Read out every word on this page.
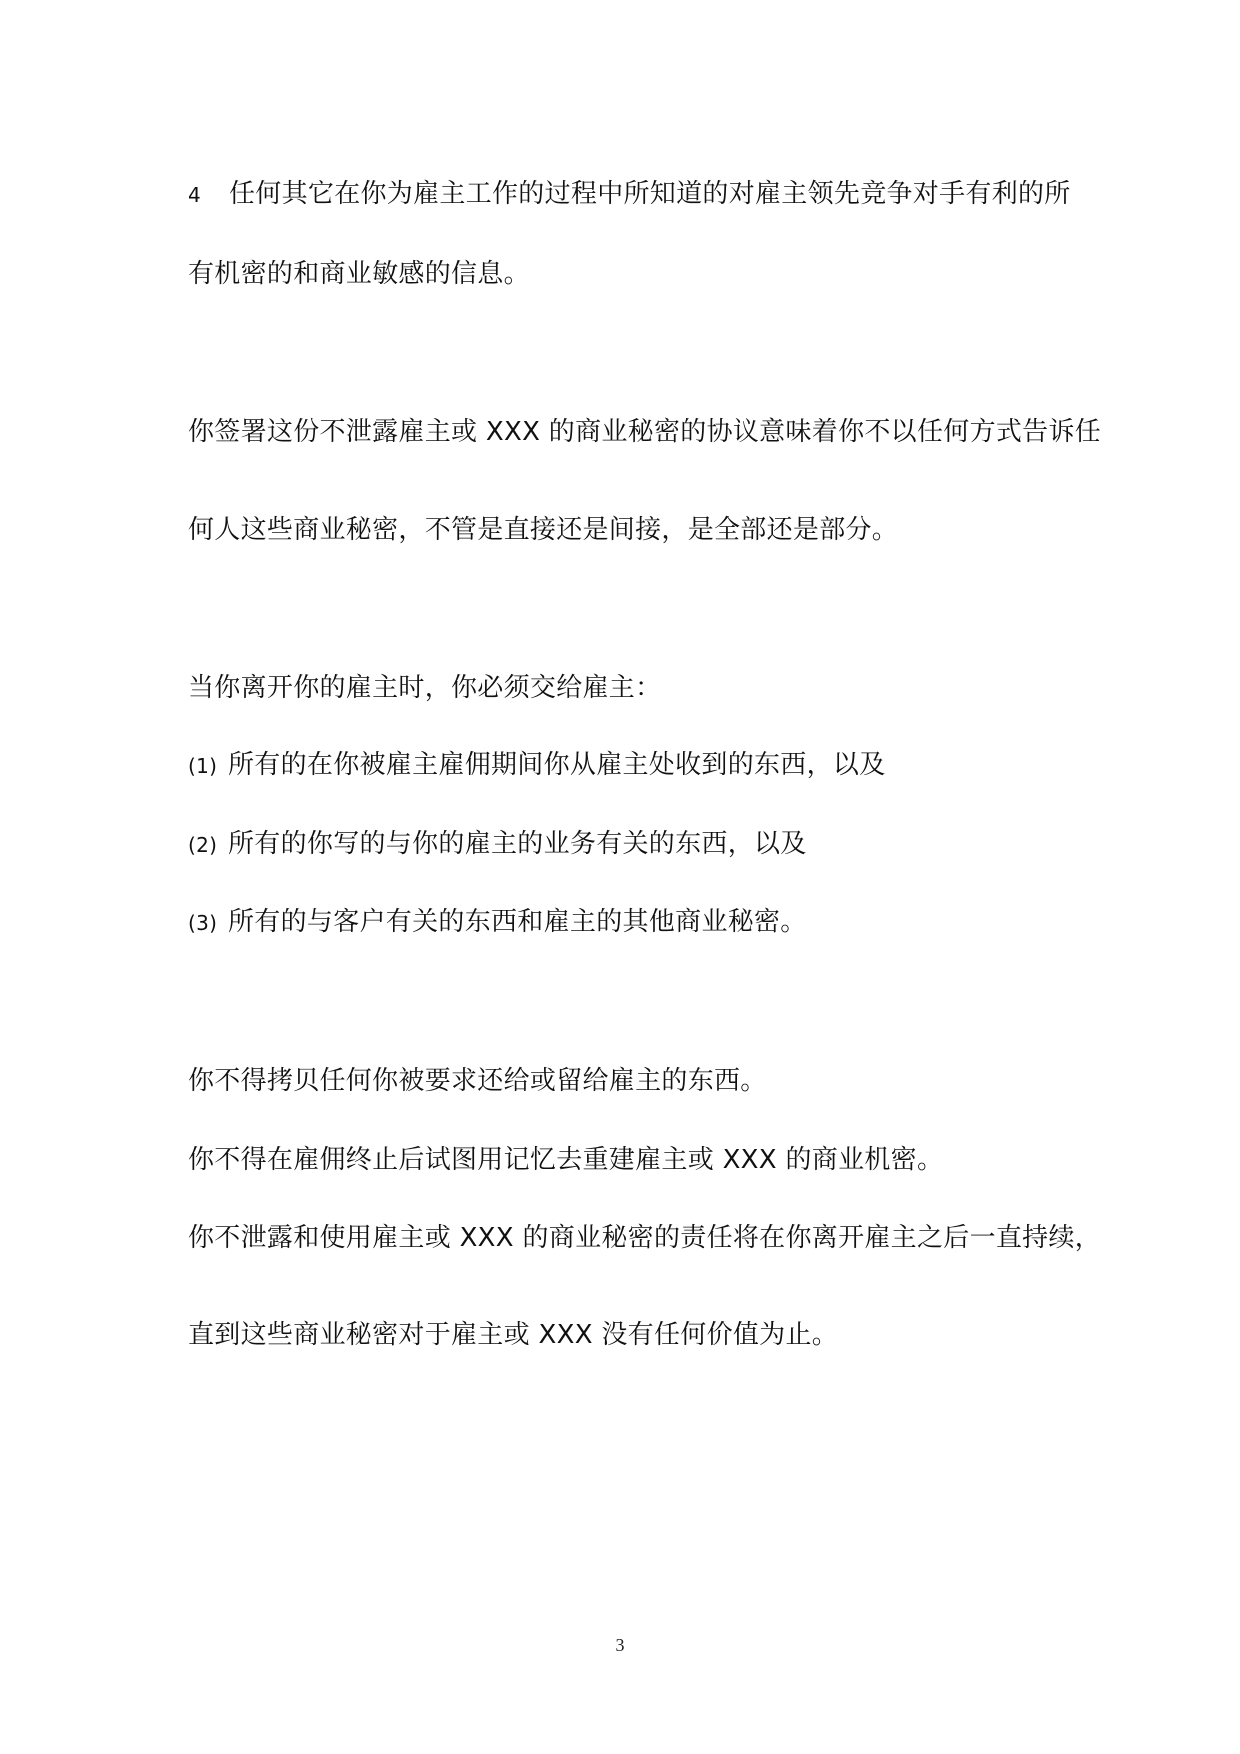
4 任何其它在你为雇主工作的过程中所知道的对雇主领先竞争对手有利的所
有机密的和商业敏感的信息。
你签署这份不泄露雇主或 XXX 的商业秘密的协议意味着你不以任何方式告诉任
何人这些商业秘密，不管是直接还是间接，是全部还是部分。
当你离开你的雇主时，你必须交给雇主：
(1) 所有的在你被雇主雇佣期间你从雇主处收到的东西，以及
(2) 所有的你写的与你的雇主的业务有关的东西，以及
(3) 所有的与客户有关的东西和雇主的其他商业秘密。
你不得拷贝任何你被要求还给或留给雇主的东西。
你不得在雇佣终止后试图用记忆去重建雇主或 XXX 的商业机密。
你不泄露和使用雇主或 XXX 的商业秘密的责任将在你离开雇主之后一直持续，
直到这些商业秘密对于雇主或 XXX 没有任何价值为止。
3
